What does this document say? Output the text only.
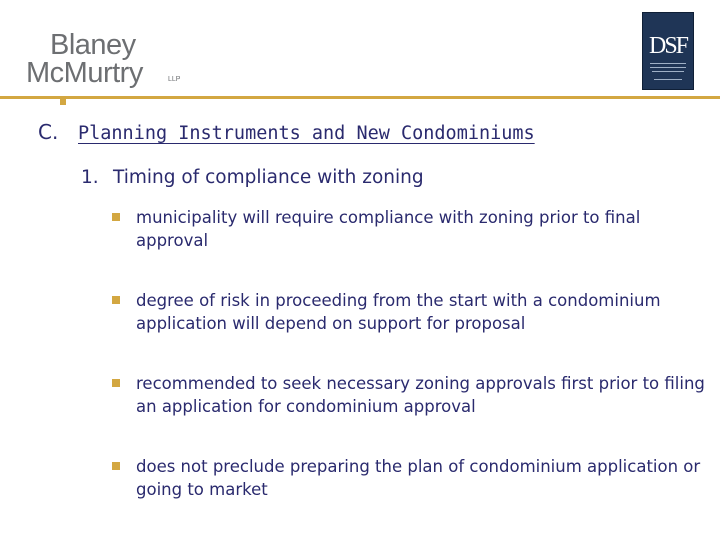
Blaney
McMurtry	LLP
DSF
C.	Planning Instruments and New Condominiums
1. Timing of compliance with zoning
municipality will require compliance with zoning prior to final approval
degree of risk in proceeding from the start with a condominium application will depend on support for proposal
recommended to seek necessary zoning approvals first prior to filing an application for condominium approval
does not preclude preparing the plan of condominium application or going to market
